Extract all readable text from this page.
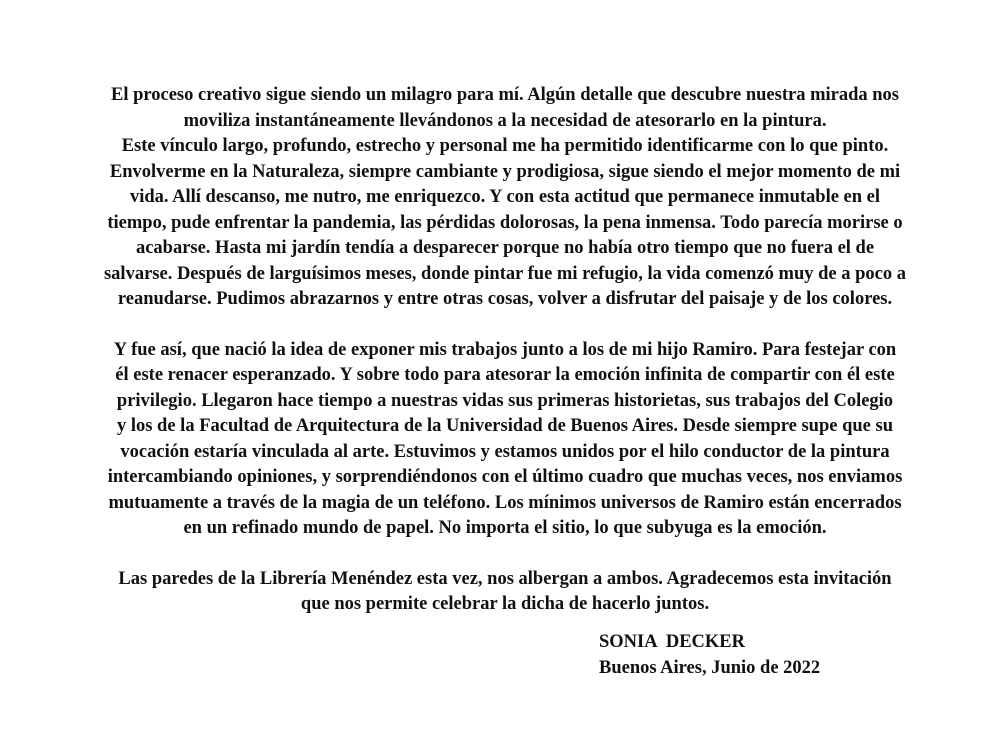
El proceso creativo sigue siendo un milagro para mí. Algún detalle que descubre nuestra mirada nos
moviliza instantáneamente llevándonos a la necesidad de atesorarlo en la pintura.
Este vínculo largo, profundo, estrecho y personal me ha permitido identificarme con lo que pinto.
Envolverme en la Naturaleza, siempre cambiante y prodigiosa, sigue siendo el mejor momento de mi
vida. Allí descanso, me nutro, me enriquezco. Y con esta actitud que permanece inmutable en el
tiempo, pude enfrentar la pandemia, las pérdidas dolorosas, la pena inmensa. Todo parecía morirse o
acabarse. Hasta mi jardín tendía a desparecer porque no había otro tiempo que no fuera el de
salvarse. Después de larguísimos meses, donde pintar fue mi refugio, la vida comenzó muy de a poco a
reanudarse. Pudimos abrazarnos y entre otras cosas, volver a disfrutar del paisaje y de los colores.

Y fue así, que nació la idea de exponer mis trabajos junto a los de mi hijo Ramiro. Para festejar con
él este renacer esperanzado. Y sobre todo para atesorar la emoción infinita de compartir con él este
privilegio. Llegaron hace tiempo a nuestras vidas sus primeras historietas, sus trabajos del Colegio
y los de la Facultad de Arquitectura de la Universidad de Buenos Aires. Desde siempre supe que su
vocación estaría vinculada al arte. Estuvimos y estamos unidos por el hilo conductor de la pintura
intercambiando opiniones, y sorprendiéndonos con el último cuadro que muchas veces, nos enviamos
mutuamente a través de la magia de un teléfono. Los mínimos universos de Ramiro están encerrados
en un refinado mundo de papel. No importa el sitio, lo que subyuga es la emoción.

Las paredes de la Librería Menéndez esta vez, nos albergan a ambos. Agradecemos esta invitación
que nos permite celebrar la dicha de hacerlo juntos.

SONIA  DECKER
Buenos Aires, Junio de 2022
